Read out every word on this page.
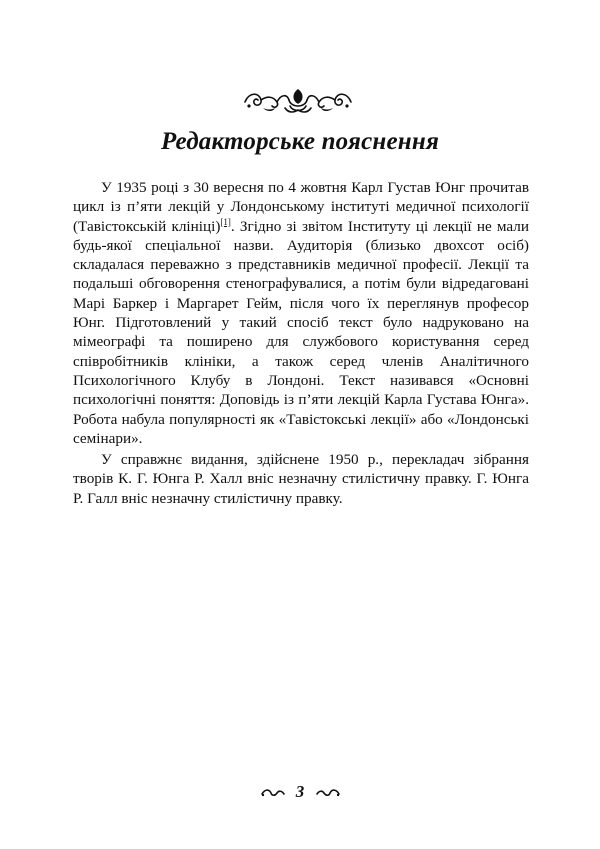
Редакторське пояснення

У 1935 році з 30 вересня по 4 жовтня Карл Густав Юнг прочитав цикл із п’яти лекцій у Лондонському інституті медичної психології (Тавістокській клініці)[1]. Згідно зі звітом Інституту ці лекції не мали будь-якої спеціальної назви. Аудиторія (близько двохсот осіб) складалася переважно з представників медичної професії. Лекції та подальші обговорення стенографувалися, а потім були відредаговані Марі Баркер і Маргарет Гейм, після чого їх переглянув професор Юнг. Підготовлений у такий спосіб текст було надруковано на мімеографі та поширено для службового користування серед співробітників клініки, а також серед членів Аналітичного Психологічного Клубу в Лондоні. Текст називався «Основні психологічні поняття: Доповідь із п’яти лекцій Карла Густава Юнга». Робота набула популярності як «Тавістокські лекції» або «Лондонські семінари».

У справжнє видання, здійснене 1950 р., перекладач зібрання творів К. Г. Юнга Р. Халл вніс незначну стилістичну правку. Г. Юнга Р. Галл вніс незначну стилістичну правку.

3
